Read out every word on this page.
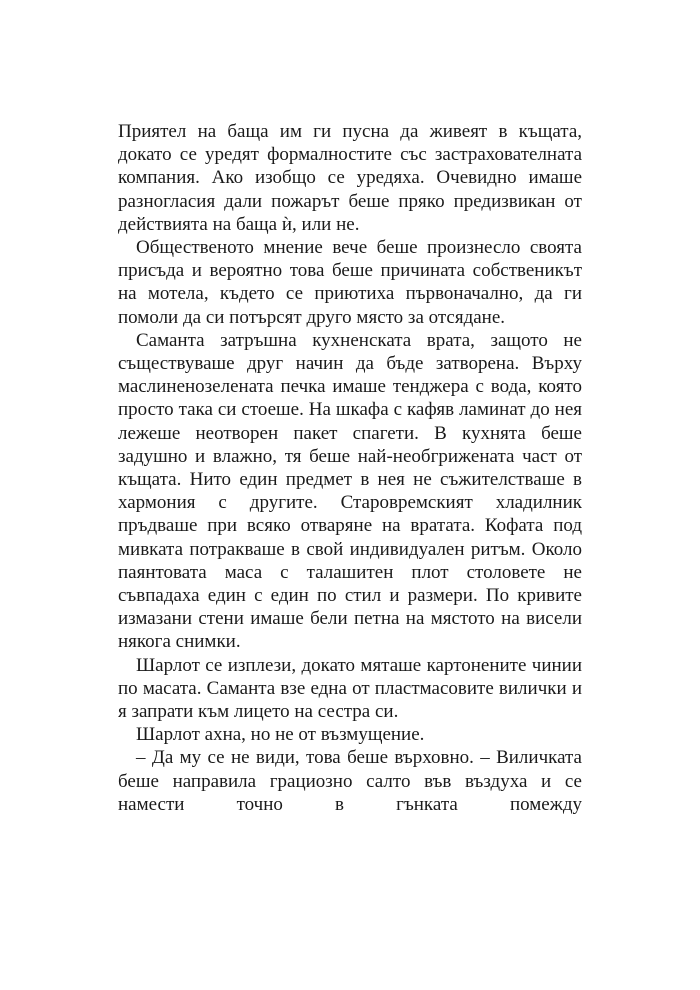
Приятел на баща им ги пусна да живеят в къщата, докато се уредят формалностите със застрахователната компания. Ако изобщо се уредяха. Очевидно имаше разногласия дали пожарът беше пряко предизвикан от действията на баща ѝ, или не.

Общественото мнение вече беше произнесло своята присъда и вероятно това беше причината собственикът на мотела, където се приютиха първоначално, да ги помоли да си потърсят друго място за отсядане.

Саманта затръшна кухненската врата, защото не съществуваше друг начин да бъде затворена. Върху маслиненозелената печка имаше тенджера с вода, която просто така си стоеше. На шкафа с кафяв ламинат до нея лежеше неотворен пакет спагети. В кухнята беше задушно и влажно, тя беше най-необгрижената част от къщата. Нито един предмет в нея не съжителстваше в хармония с другите. Старовремският хладилник пръдваше при всяко отваряне на вратата. Кофата под мивката потракваше в свой индивидуален ритъм. Около паянтовата маса с талашитен плот столовете не съвпадаха един с един по стил и размери. По кривите измазани стени имаше бели петна на мястото на висели някога снимки.

Шарлот се изплези, докато мяташе картонените чинии по масата. Саманта взе една от пластмасовите вилички и я запрати към лицето на сестра си.

Шарлот ахна, но не от възмущение.

– Да му се не види, това беше върховно. – Виличката беше направила грациозно салто във въздуха и се намести точно в гънката помежду
